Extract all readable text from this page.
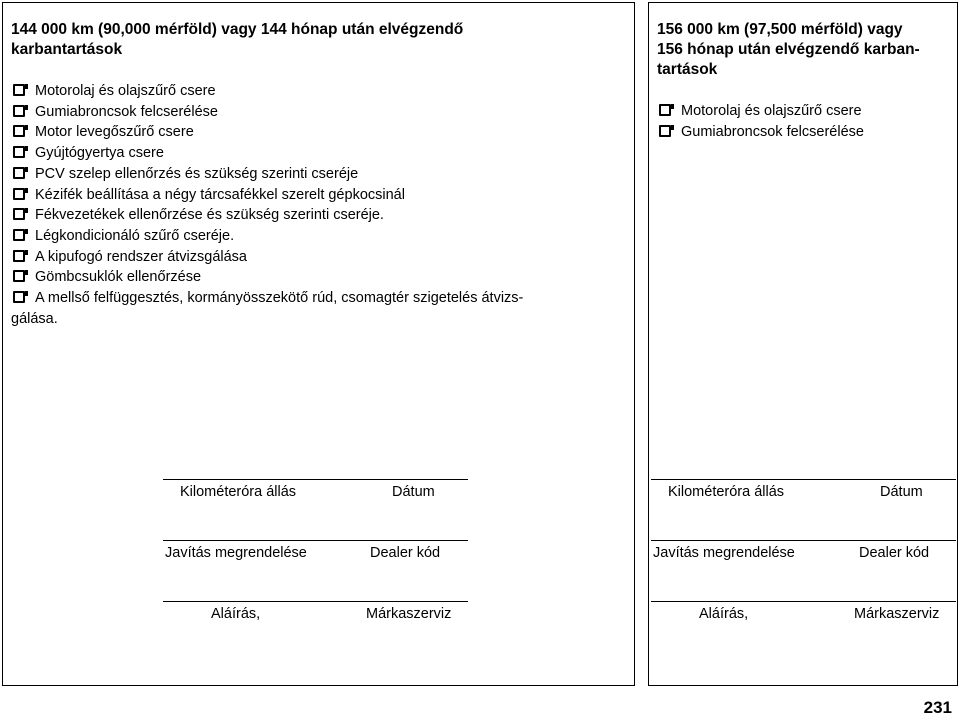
144 000 km (90,000 mérföld) vagy 144 hónap után elvégzendő
karbantartások
Motorolaj és olajszűrő csere
Gumiabroncsok felcserélése
Motor levegőszűrő csere
Gyújtógyertya csere
PCV szelep ellenőrzés és szükség szerinti cseréje
Kézifék beállítása a négy tárcsafékkel szerelt gépkocsinál
Fékvezetékek ellenőrzése és szükség szerinti cseréje.
Légkondicionáló szűrő cseréje.
A kipufogó rendszer átvizsgálása
Gömbcsuklók ellenőrzése
A mellső felfüggesztés, kormányösszekötő rúd, csomagtér szigetelés átvizs-
gálása.
156 000 km (97,500 mérföld) vagy
156 hónap után elvégzendő karban-
tartások
Motorolaj és olajszűrő csere
Gumiabroncsok felcserélése
Kilométeróra állás	Dátum
Javítás megrendelése	Dealer kód
Aláírás,	Márkaszerviz
Kilométeróra állás	Dátum
Javítás megrendelése	Dealer kód
Aláírás,	Márkaszerviz
231
